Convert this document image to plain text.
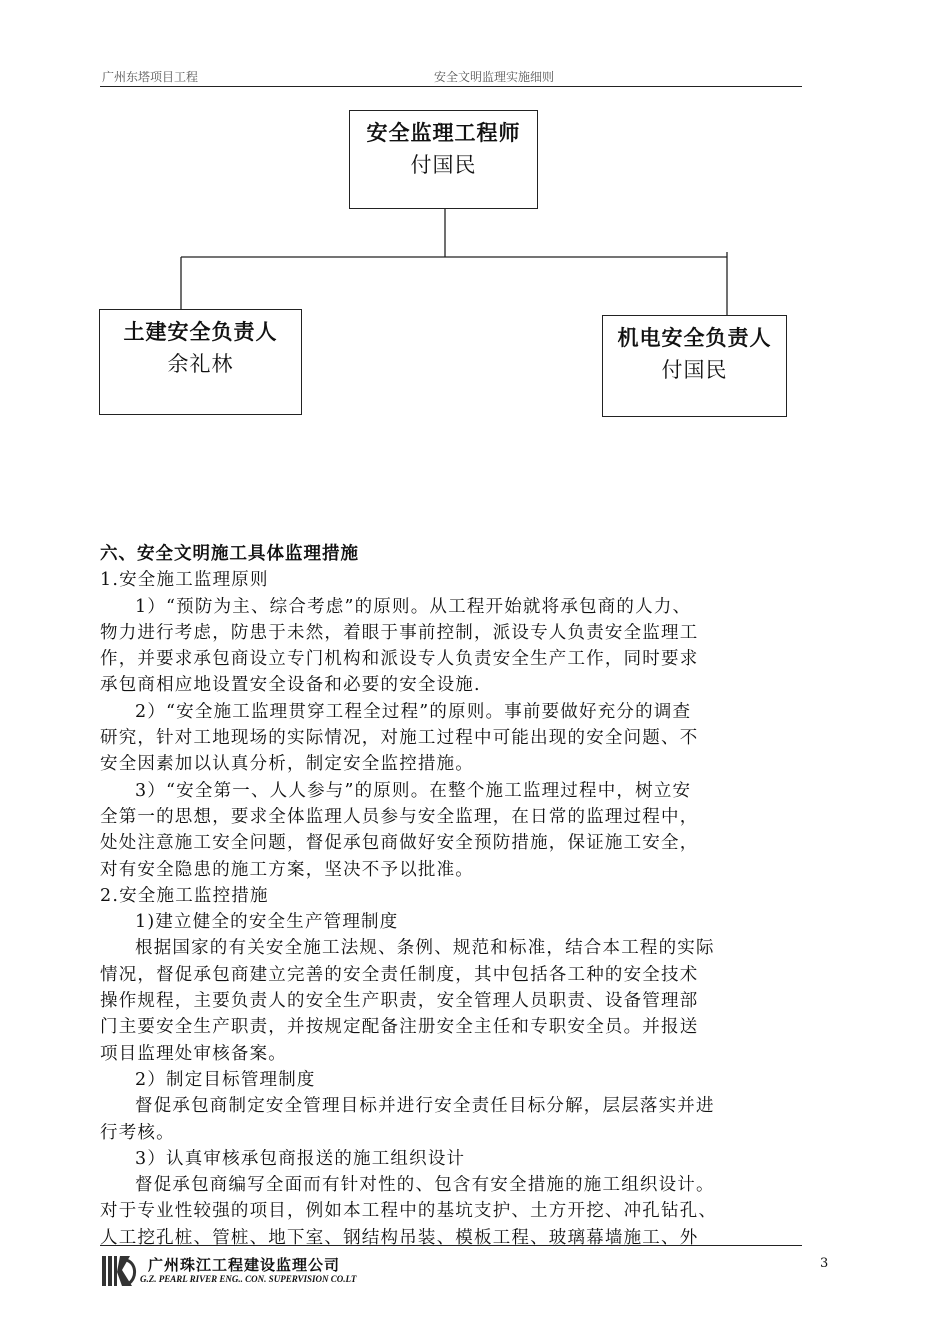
广州东塔项目工程	安全文明监理实施细则
安全监理工程师
付国民
土建安全负责人
余礼林
机电安全负责人
付国民

六、安全文明施工具体监理措施

1.安全施工监理原则

1）“预防为主、综合考虑”的原则。从工程开始就将承包商的人力、

物力进行考虑，防患于未然，着眼于事前控制，派设专人负责安全监理工

作，并要求承包商设立专门机构和派设专人负责安全生产工作，同时要求

承包商相应地设置安全设备和必要的安全设施.

2）“安全施工监理贯穿工程全过程”的原则。事前要做好充分的调查

研究，针对工地现场的实际情况，对施工过程中可能出现的安全问题、不

安全因素加以认真分析，制定安全监控措施。

3）“安全第一、人人参与”的原则。在整个施工监理过程中，树立安

全第一的思想，要求全体监理人员参与安全监理，在日常的监理过程中，

处处注意施工安全问题，督促承包商做好安全预防措施，保证施工安全，

对有安全隐患的施工方案，坚决不予以批准。

2.安全施工监控措施

1)建立健全的安全生产管理制度

根据国家的有关安全施工法规、条例、规范和标准，结合本工程的实际

情况，督促承包商建立完善的安全责任制度，其中包括各工种的安全技术

操作规程，主要负责人的安全生产职责，安全管理人员职责、设备管理部

门主要安全生产职责，并按规定配备注册安全主任和专职安全员。并报送

项目监理处审核备案。

2）制定目标管理制度

督促承包商制定安全管理目标并进行安全责任目标分解，层层落实并进

行考核。

3）认真审核承包商报送的施工组织设计

督促承包商编写全面而有针对性的、包含有安全措施的施工组织设计。

对于专业性较强的项目，例如本工程中的基坑支护、土方开挖、冲孔钻孔、

人工挖孔桩、管桩、地下室、钢结构吊装、模板工程、玻璃幕墙施工、外

广州珠江工程建设监理公司
G.Z. PEARL RIVER ENG.. CON. SUPERVISION CO.LT
3
